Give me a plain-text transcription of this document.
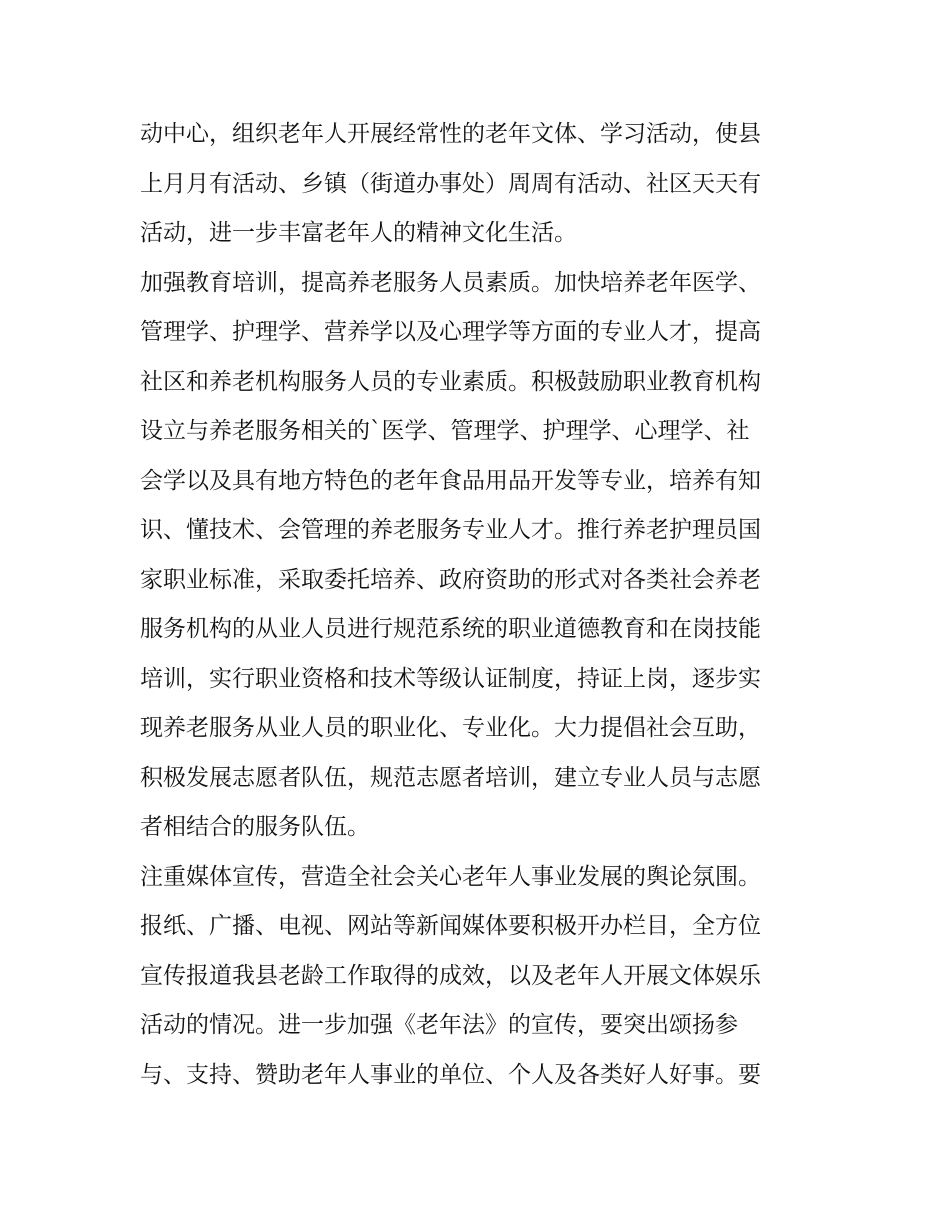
动中心，组织老年人开展经常性的老年文体、学习活动，使县
上月月有活动、乡镇（街道办事处）周周有活动、社区天天有
活动，进一步丰富老年人的精神文化生活。
加强教育培训，提高养老服务人员素质。加快培养老年医学、
管理学、护理学、营养学以及心理学等方面的专业人才，提高
社区和养老机构服务人员的专业素质。积极鼓励职业教育机构
设立与养老服务相关的`医学、管理学、护理学、心理学、社
会学以及具有地方特色的老年食品用品开发等专业，培养有知
识、懂技术、会管理的养老服务专业人才。推行养老护理员国
家职业标准，采取委托培养、政府资助的形式对各类社会养老
服务机构的从业人员进行规范系统的职业道德教育和在岗技能
培训，实行职业资格和技术等级认证制度，持证上岗，逐步实
现养老服务从业人员的职业化、专业化。大力提倡社会互助，
积极发展志愿者队伍，规范志愿者培训，建立专业人员与志愿
者相结合的服务队伍。
注重媒体宣传，营造全社会关心老年人事业发展的舆论氛围。
报纸、广播、电视、网站等新闻媒体要积极开办栏目，全方位
宣传报道我县老龄工作取得的成效，以及老年人开展文体娱乐
活动的情况。进一步加强《老年法》的宣传，要突出颂扬参
与、支持、赞助老年人事业的单位、个人及各类好人好事。要
